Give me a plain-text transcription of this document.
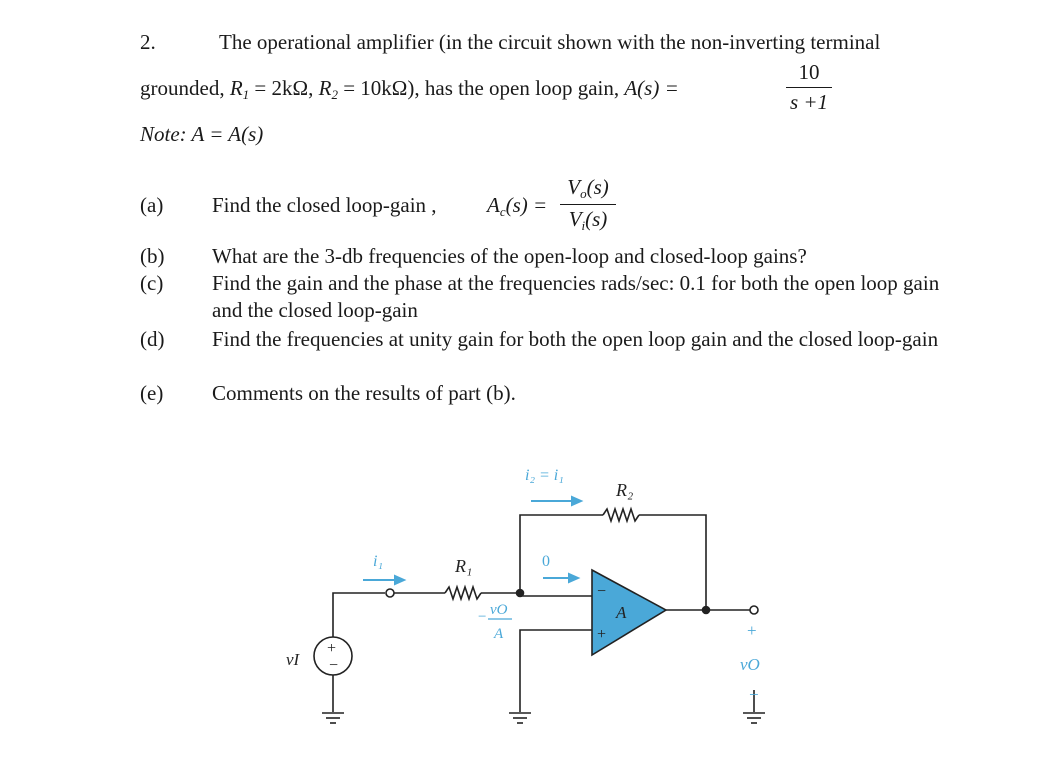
2.	The operational amplifier (in the circuit shown with the non-inverting terminal
grounded, $R_1 = 2k\Omega$, $R_2 = 10k\Omega$), has the open loop gain, A(s) =
10
s +1
Note: A = A(s)
(a) Find the closed loop-gain , $A_c(s)$ =
$V_o(s)$
$V_i(s)$
(b) What are the 3-db frequencies of the open-loop and closed-loop gains?
(c) Find the gain and the phase at the frequencies rads/sec: 0.1 for both the open loop gain and the closed loop-gain
(d) Find the frequencies at unity gain for both the open loop gain and the closed loop-gain
(e) Comments on the results of part (b).
i₂ = i₁
R₂
R₁
i₁	0
A
−
+
− vO
A
vI
+
−
+
vO
−
